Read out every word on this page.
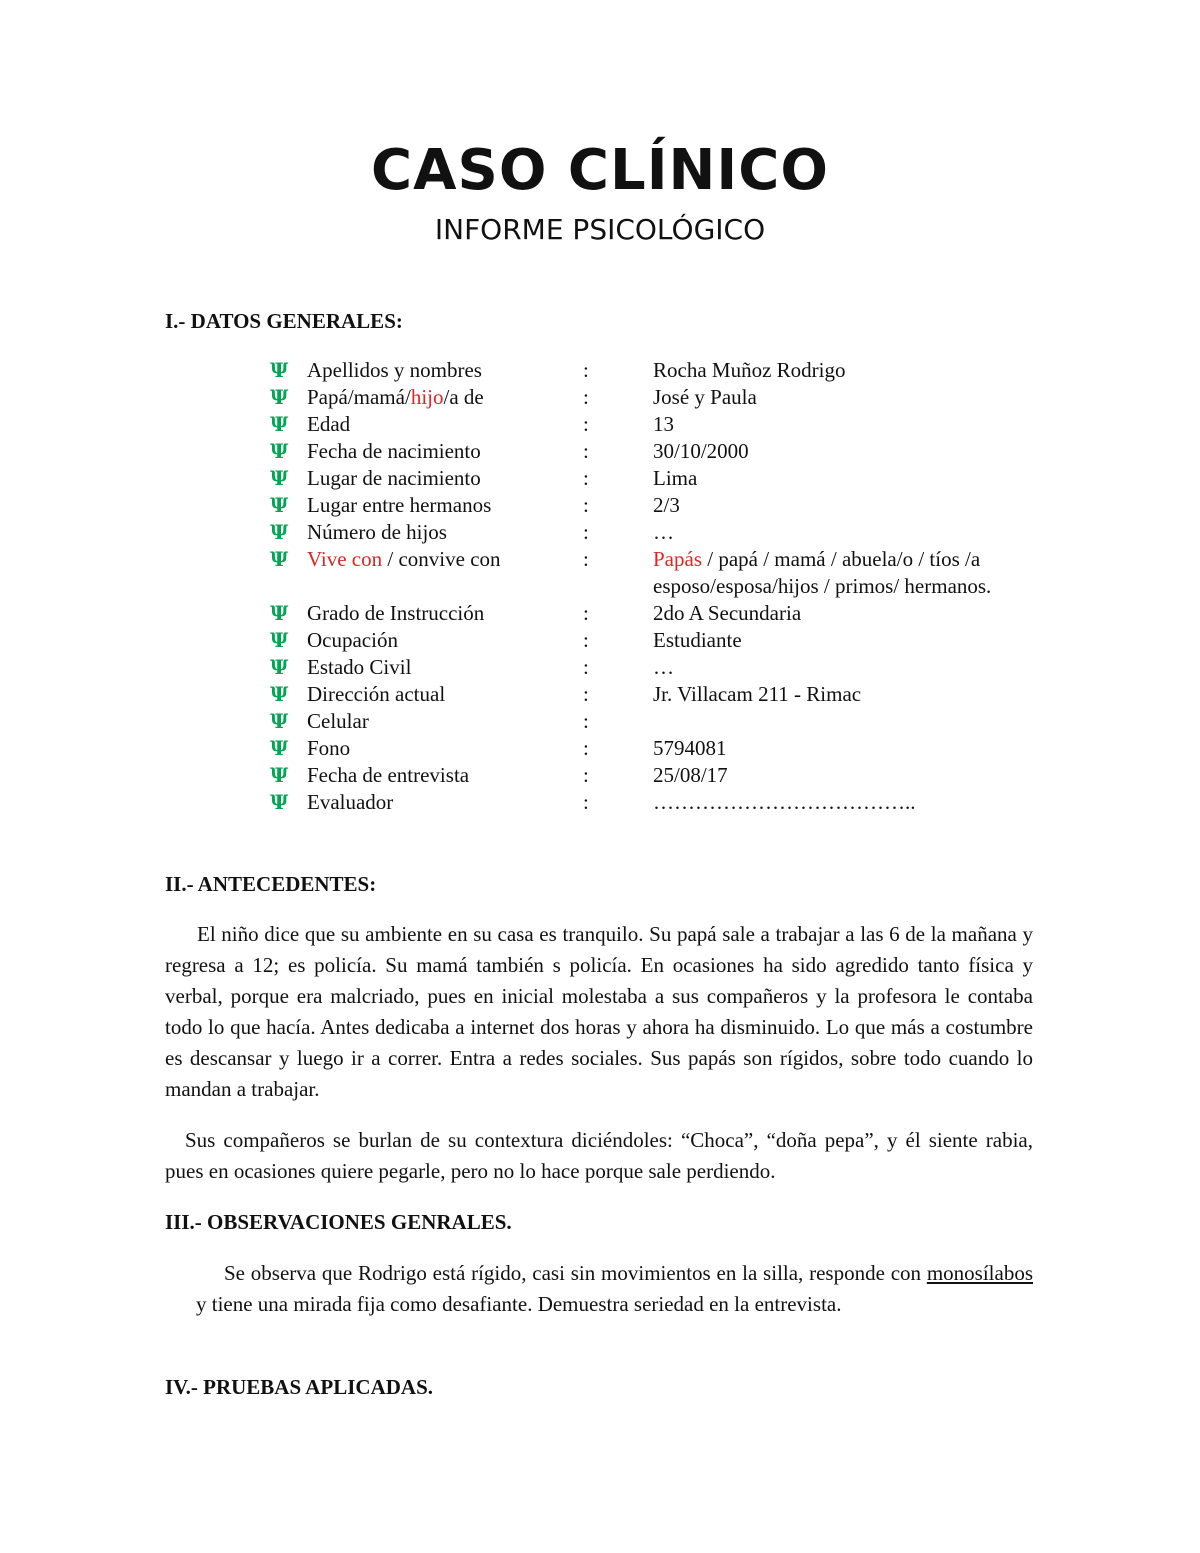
CASO CLÍNICO
INFORME PSICOLÓGICO
I.- DATOS GENERALES:
Ψ Apellidos y nombres	:	Rocha Muñoz Rodrigo
Ψ Papá/mamá/hijo/a de	:	José y Paula
Ψ Edad	:	13
Ψ Fecha de nacimiento	:	30/10/2000
Ψ Lugar de nacimiento	:	Lima
Ψ Lugar entre hermanos	:	2/3
Ψ Número de hijos	:	…
Ψ Vive con / convive con	:	Papás / papá / mamá / abuela/o / tíos /a esposo/esposa/hijos / primos/ hermanos.
Ψ Grado de Instrucción	:	2do A Secundaria
Ψ Ocupación	:	Estudiante
Ψ Estado Civil	:	…
Ψ Dirección actual	:	Jr. Villacam 211 - Rimac
Ψ Celular	:
Ψ Fono	:	5794081
Ψ Fecha de entrevista	:	25/08/17
Ψ Evaluador	:	………………………………..
II.- ANTECEDENTES:

El niño dice que su ambiente en su casa es tranquilo. Su papá sale a trabajar a las 6 de la mañana y regresa a 12; es policía. Su mamá también s policía. En ocasiones ha sido agredido tanto física y verbal, porque era malcriado, pues en inicial molestaba a sus compañeros y la profesora le contaba todo lo que hacía. Antes dedicaba a internet dos horas y ahora ha disminuido. Lo que más a costumbre es descansar y luego ir a correr. Entra a redes sociales. Sus papás son rígidos, sobre todo cuando lo mandan a trabajar.

Sus compañeros se burlan de su contextura diciéndoles: “Choca”, “doña pepa”, y él siente rabia, pues en ocasiones quiere pegarle, pero no lo hace porque sale perdiendo.

III.- OBSERVACIONES GENRALES.

Se observa que Rodrigo está rígido, casi sin movimientos en la silla, responde con monosílabos y tiene una mirada fija como desafiante. Demuestra seriedad en la entrevista.

IV.- PRUEBAS APLICADAS.
